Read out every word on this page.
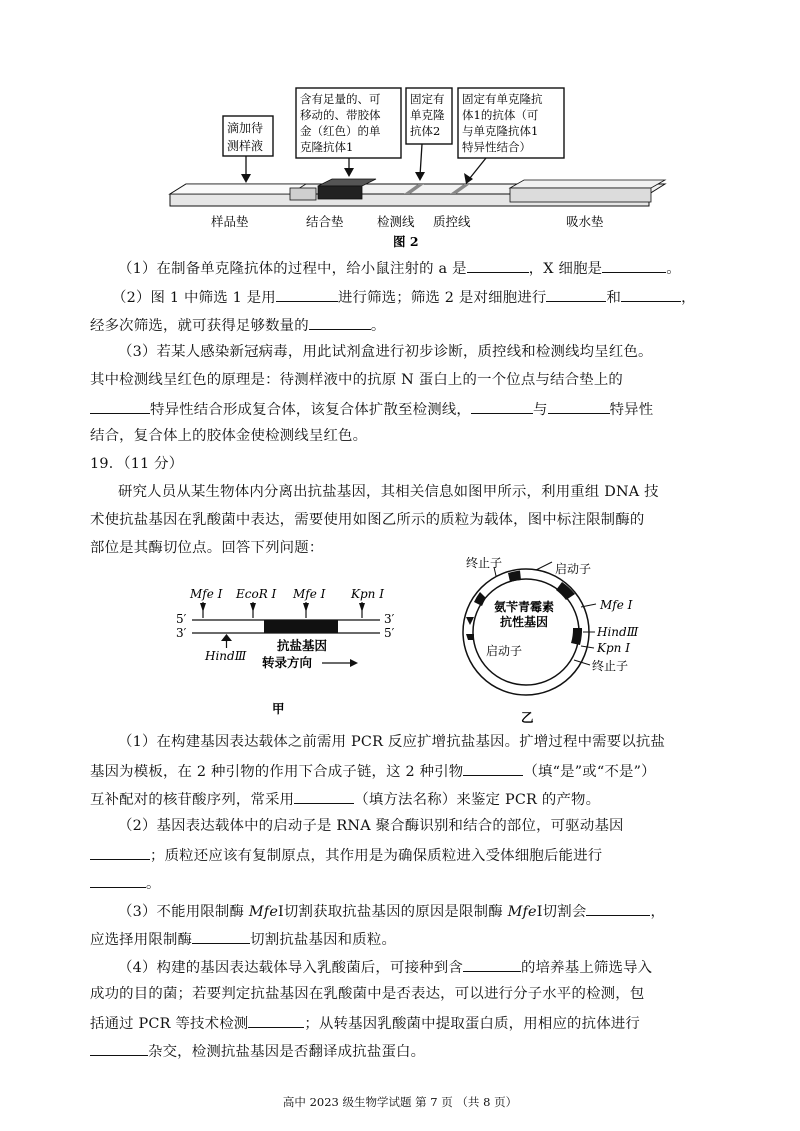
滴加待
测样液
含有足量的、可
移动的、带胶体
金（红色）的单
克隆抗体1
固定有
单克隆
抗体2
固定有单克隆抗
体1的抗体（可
与单克隆抗体1
特异性结合）
样品垫	结合垫	检测线 质控线	吸水垫
图 2
（1）在制备单克隆抗体的过程中，给小鼠注射的 a 是	，X 细胞是	。
（2）图 1 中筛选 1 是用	进行筛选；筛选 2 是对细胞进行	和	，
经多次筛选，就可获得足够数量的	。
（3）若某人感染新冠病毒，用此试剂盒进行初步诊断，质控线和检测线均呈红色。
其中检测线呈红色的原理是：待测样液中的抗原 N 蛋白上的一个位点与结合垫上的
特异性结合形成复合体，该复合体扩散至检测线，	与	特异性
结合，复合体上的胶体金使检测线呈红色。
19．（11 分）
研究人员从某生物体内分离出抗盐基因，其相关信息如图甲所示，利用重组 DNA 技
术使抗盐基因在乳酸菌中表达，需要使用如图乙所示的质粒为载体，图中标注限制酶的
部位是其酶切位点。回答下列问题：
Mfe Ⅰ EcoR Ⅰ Mfe Ⅰ Kpn Ⅰ
5′
3′
3′
5′
HindⅢ
抗盐基因
转录方向
甲
终止子	启动子
氨苄青霉素
抗性基因
启动子
Mfe Ⅰ
HindⅢ
Kpn Ⅰ
终止子
乙
（1）在构建基因表达载体之前需用 PCR 反应扩增抗盐基因。扩增过程中需要以抗盐
基因为模板，在 2 种引物的作用下合成子链，这 2 种引物	（填“是”或“不是”）
互补配对的核苷酸序列，常采用	（填方法名称）来鉴定 PCR 的产物。
（2）基因表达载体中的启动子是 RNA 聚合酶识别和结合的部位，可驱动基因
；质粒还应该有复制原点，其作用是为确保质粒进入受体细胞后能进行
。
（3）不能用限制酶 MfeⅠ切割获取抗盐基因的原因是限制酶 MfeⅠ切割会	，
应选择用限制酶	切割抗盐基因和质粒。
（4）构建的基因表达载体导入乳酸菌后，可接种到含	的培养基上筛选导入
成功的目的菌；若要判定抗盐基因在乳酸菌中是否表达，可以进行分子水平的检测，包
括通过 PCR 等技术检测	；从转基因乳酸菌中提取蛋白质，用相应的抗体进行
杂交，检测抗盐基因是否翻译成抗盐蛋白。
高中 2023 级生物学试题 第 7 页 （共 8 页）
